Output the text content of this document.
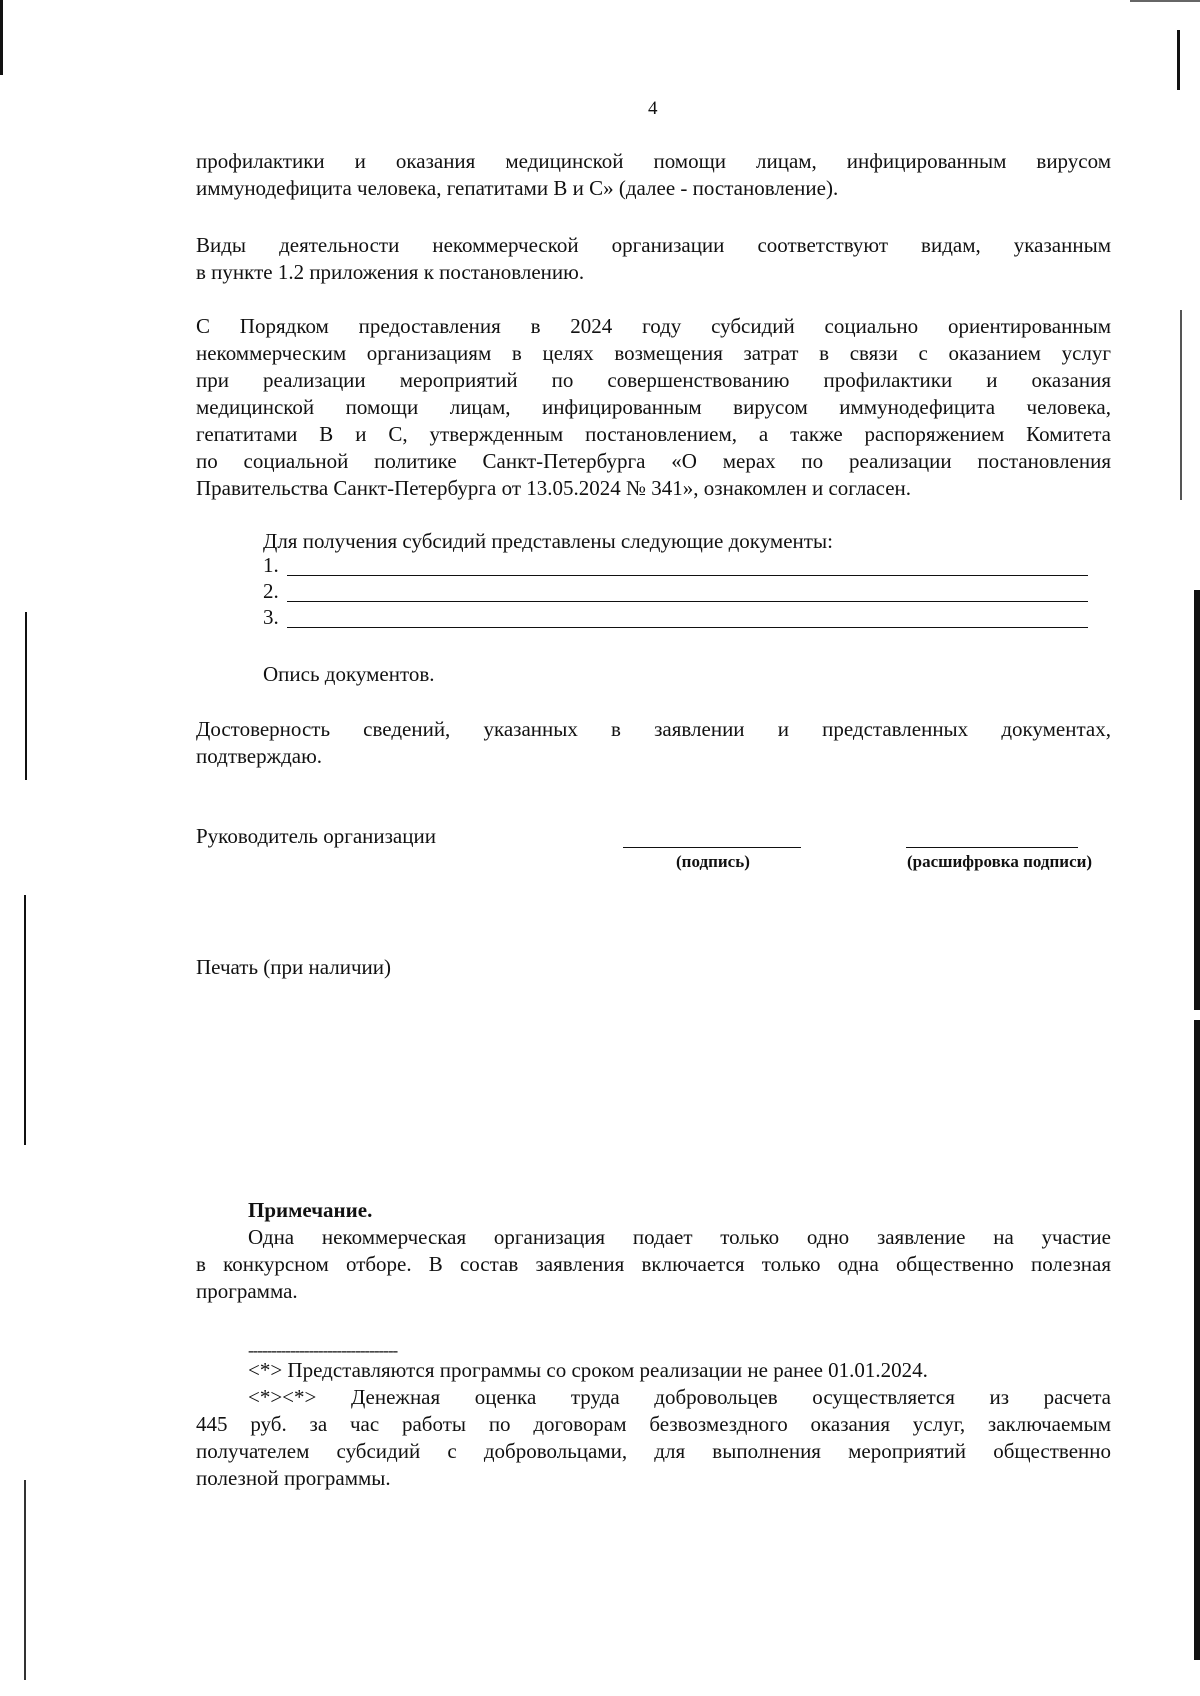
4
профилактики и оказания медицинской помощи лицам, инфицированным вирусом
иммунодефицита человека, гепатитами В и С» (далее - постановление).
Виды деятельности некоммерческой организации соответствуют видам, указанным
в пункте 1.2 приложения к постановлению.
С Порядком предоставления в 2024 году субсидий социально ориентированным
некоммерческим организациям в целях возмещения затрат в связи с оказанием услуг
при реализации мероприятий по совершенствованию профилактики и оказания
медицинской помощи лицам, инфицированным вирусом иммунодефицита человека,
гепатитами В и С, утвержденным постановлением, а также распоряжением Комитета
по социальной политике Санкт-Петербурга «О мерах по реализации постановления
Правительства Санкт-Петербурга от 13.05.2024 № 341», ознакомлен и согласен.
Для получения субсидий представлены следующие документы:
1.
2.
3.
Опись документов.
Достоверность сведений, указанных в заявлении и представленных документах,
подтверждаю.
Руководитель организации
(подпись)	(расшифровка подписи)
Печать (при наличии)
Примечание.
Одна некоммерческая организация подает только одно заявление на участие
в конкурсном отборе. В состав заявления включается только одна общественно полезная
программа.
--------------------------------
<*> Представляются программы со сроком реализации не ранее 01.01.2024.
<*><*> Денежная оценка труда добровольцев осуществляется из расчета
445 руб. за час работы по договорам безвозмездного оказания услуг, заключаемым
получателем субсидий с добровольцами, для выполнения мероприятий общественно
полезной программы.
